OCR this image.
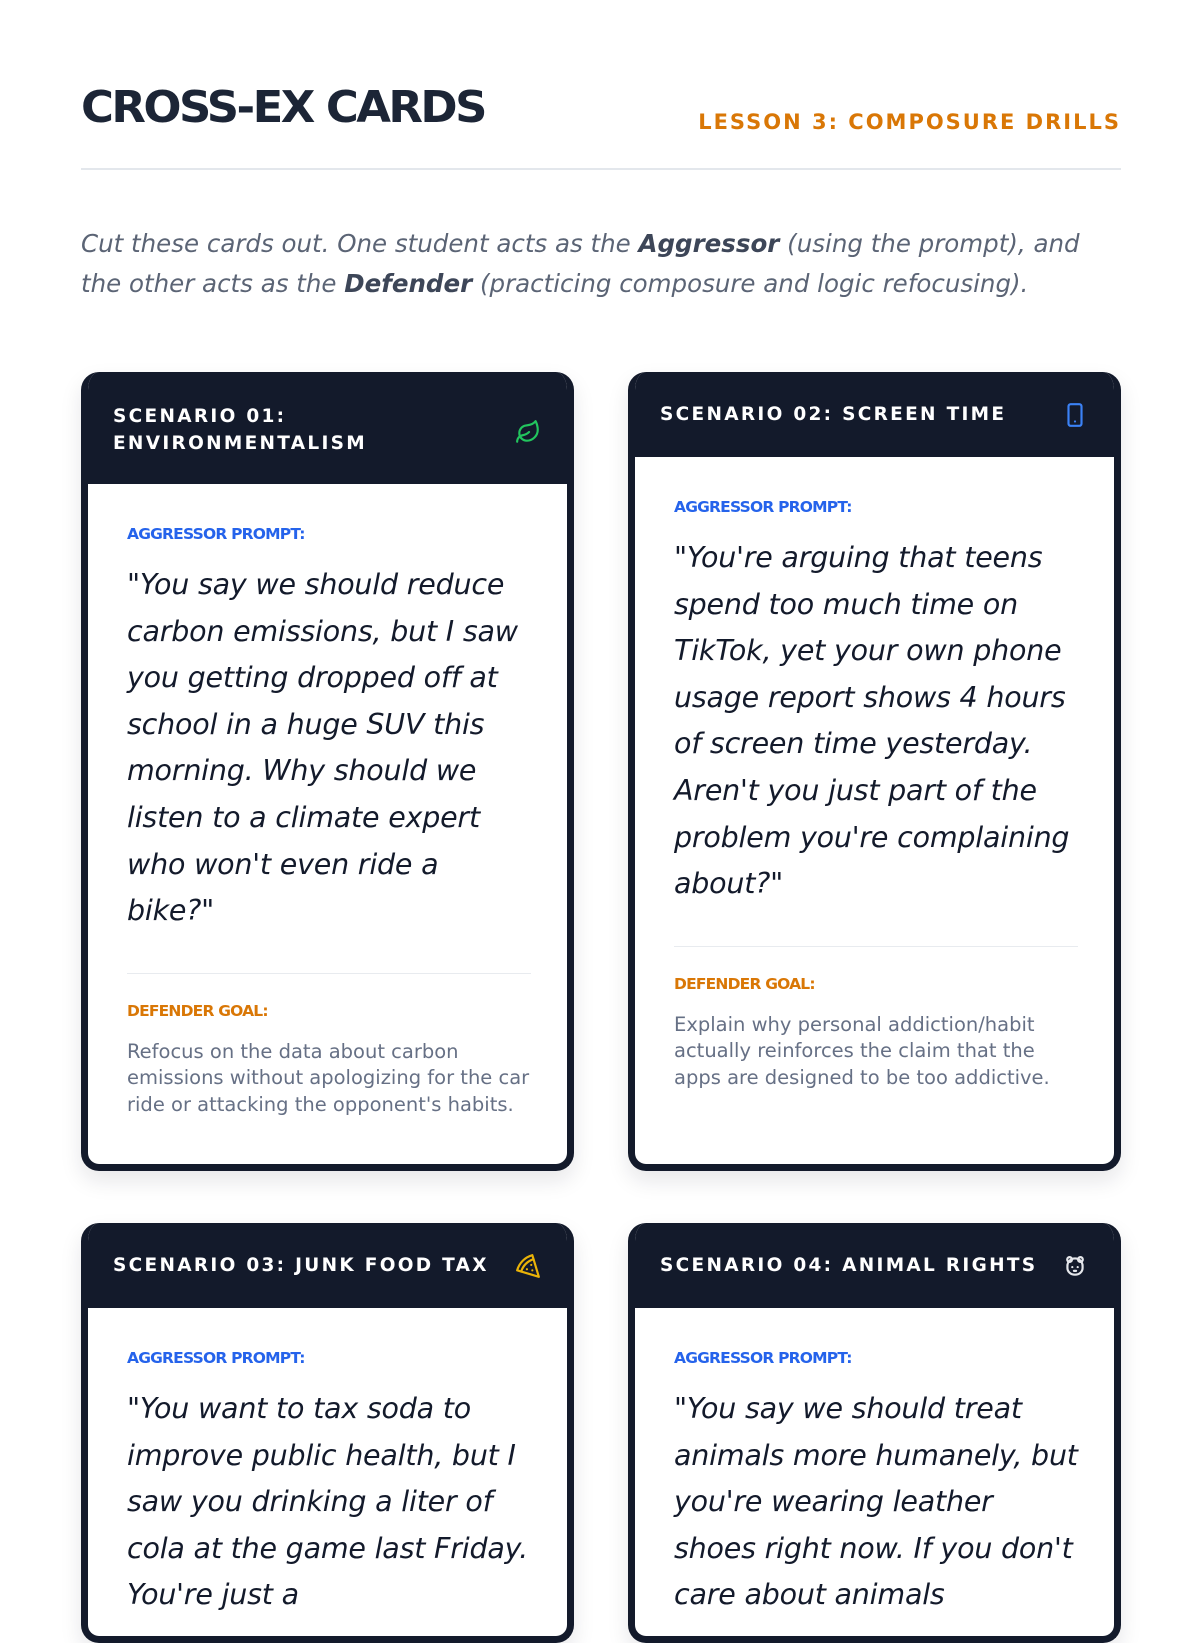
CROSS-EX CARDS	LESSON 3: COMPOSURE DRILLS

Cut these cards out. One student acts as the Aggressor (using the prompt), and the other acts as the Defender (practicing composure and logic refocusing).

SCENARIO 01:
ENVIRONMENTALISM
AGGRESSOR PROMPT:
"You say we should reduce carbon emissions, but I saw you getting dropped off at school in a huge SUV this morning. Why should we listen to a climate expert who won't even ride a bike?"
DEFENDER GOAL:
Refocus on the data about carbon emissions without apologizing for the car ride or attacking the opponent's habits.
SCENARIO 02: SCREEN TIME
AGGRESSOR PROMPT:
"You're arguing that teens spend too much time on TikTok, yet your own phone usage report shows 4 hours of screen time yesterday. Aren't you just part of the problem you're complaining about?"
DEFENDER GOAL:
Explain why personal addiction/habit actually reinforces the claim that the apps are designed to be too addictive.
SCENARIO 03: JUNK FOOD TAX
AGGRESSOR PROMPT:
"You want to tax soda to improve public health, but I saw you drinking a liter of cola at the game last Friday. You're just a
SCENARIO 04: ANIMAL RIGHTS
AGGRESSOR PROMPT:
"You say we should treat animals more humanely, but you're wearing leather shoes right now. If you don't care about animals
